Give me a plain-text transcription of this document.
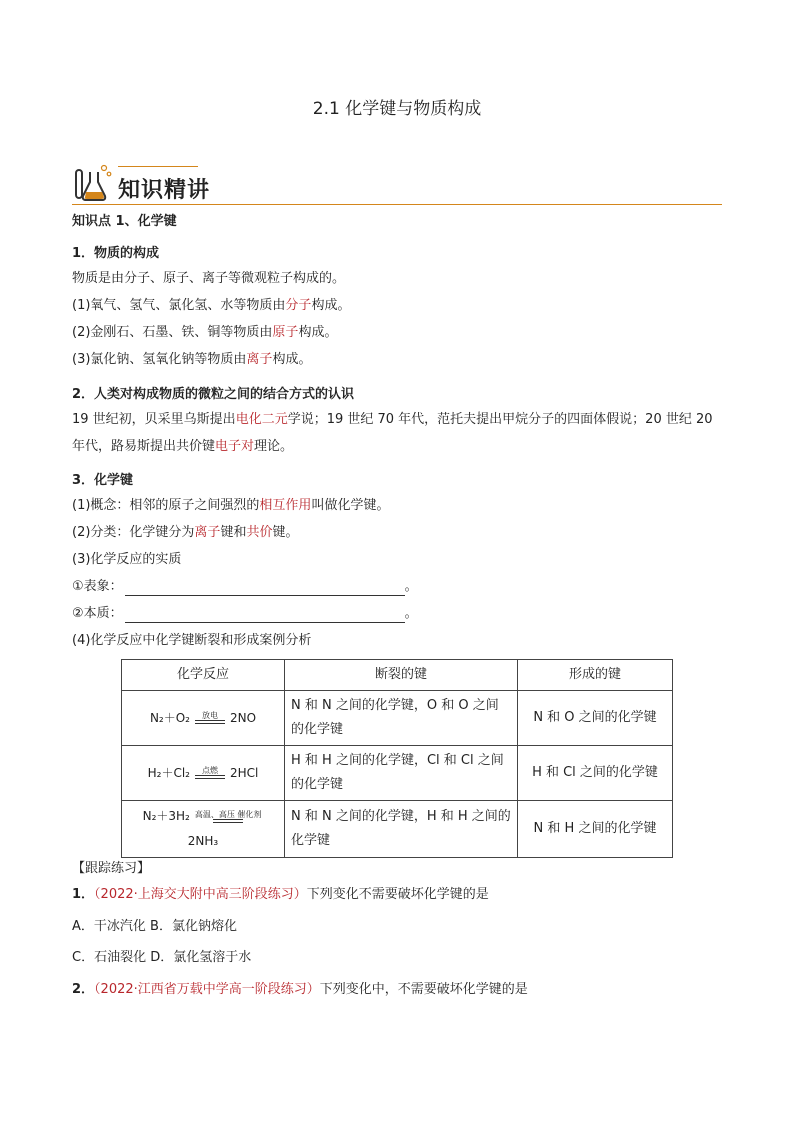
2.1 化学键与物质构成
知识精讲
知识点 1、化学键
1．物质的构成
物质是由分子、原子、离子等微观粒子构成的。
(1)氧气、氢气、氯化氢、水等物质由分子构成。
(2)金刚石、石墨、铁、铜等物质由原子构成。
(3)氯化钠、氢氧化钠等物质由离子构成。
2．人类对构成物质的微粒之间的结合方式的认识
19 世纪初，贝采里乌斯提出电化二元学说；19 世纪 70 年代，范托夫提出甲烷分子的四面体假说；20 世纪 20
年代，路易斯提出共价键电子对理论。
3．化学键
(1)概念：相邻的原子之间强烈的相互作用叫做化学键。
(2)分类：化学键分为离子键和共价键。
(3)化学反应的实质
①表象：	。
②本质：	。
(4)化学反应中化学键断裂和形成案例分析
化学反应	断裂的键	形成的键

N₂＋O₂ 放电 2NO	N 和 N 之间的化学键，O 和 O 之间的化学键	N 和 O 之间的化学键

H₂＋Cl₂ 点燃 2HCl	H 和 H 之间的化学键，Cl 和 Cl 之间的化学键	H 和 Cl 之间的化学键

N₂＋3H₂ 高温、高压 催化剂

2NH₃	N 和 N 之间的化学键，H 和 H 之间的化学键	N 和 H 之间的化学键
【跟踪练习】
1．（2022·上海交大附中高三阶段练习）下列变化不需要破坏化学键的是
A．干冰汽化 B．氯化钠熔化
C．石油裂化 D．氯化氢溶于水
2．（2022·江西省万载中学高一阶段练习）下列变化中，不需要破坏化学键的是
